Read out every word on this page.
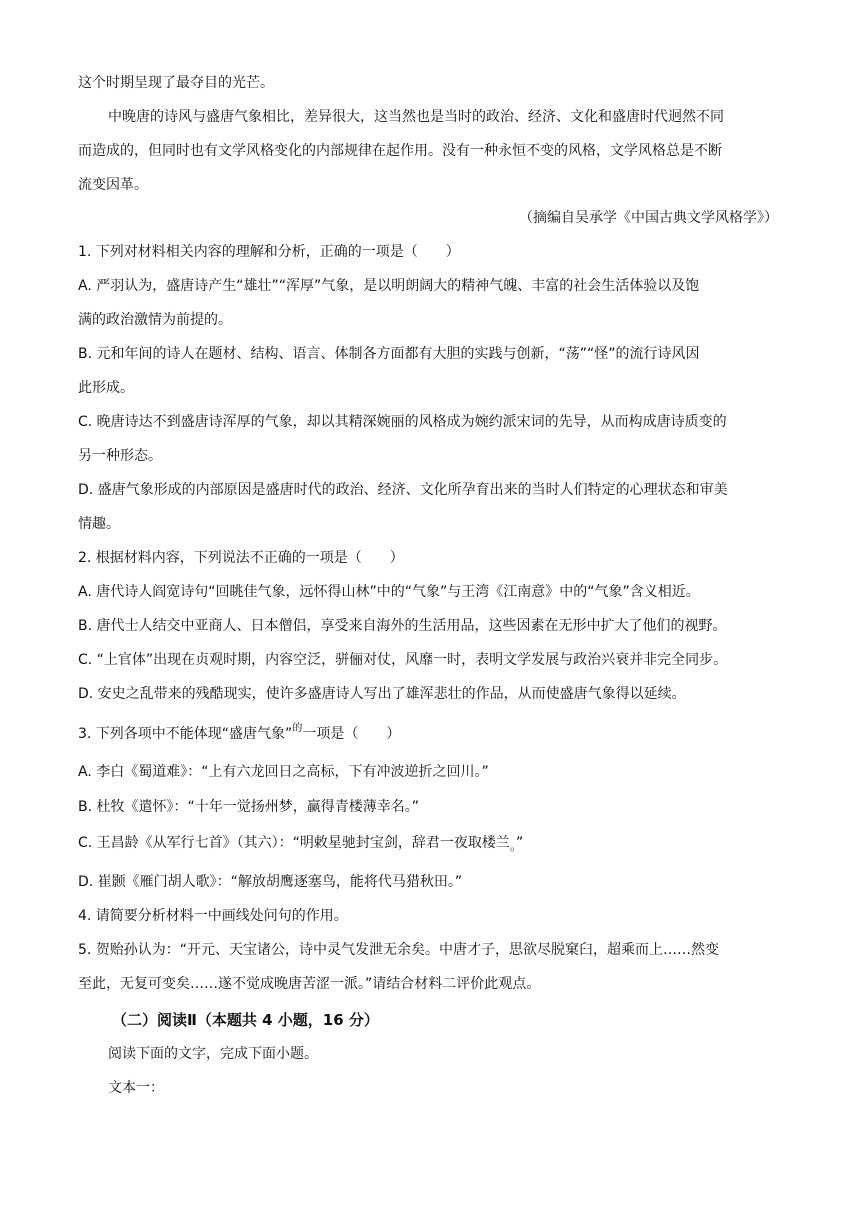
这个时期呈现了最夺目的光芒。
中晚唐的诗风与盛唐气象相比，差异很大，这当然也是当时的政治、经济、文化和盛唐时代迥然不同
而造成的，但同时也有文学风格变化的内部规律在起作用。没有一种永恒不变的风格，文学风格总是不断
流变因革。
（摘编自吴承学《中国古典文学风格学》）
1. 下列对材料相关内容的理解和分析，正确的一项是（　　）
A. 严羽认为，盛唐诗产生“雄壮”“浑厚”气象，是以明朗阔大的精神气魄、丰富的社会生活体验以及饱
满的政治激情为前提的。
B. 元和年间的诗人在题材、结构、语言、体制各方面都有大胆的实践与创新，“荡”“怪”的流行诗风因
此形成。
C. 晚唐诗达不到盛唐诗浑厚的气象，却以其精深婉丽的风格成为婉约派宋词的先导，从而构成唐诗质变的
另一种形态。
D. 盛唐气象形成的内部原因是盛唐时代的政治、经济、文化所孕育出来的当时人们特定的心理状态和审美
情趣。
2. 根据材料内容，下列说法不正确的一项是（　　）
A. 唐代诗人阎宽诗句“回眺佳气象，远怀得山林”中的“气象”与王湾《江南意》中的“气象”含义相近。
B. 唐代士人结交中亚商人、日本僧侣，享受来自海外的生活用品，这些因素在无形中扩大了他们的视野。
C. “上官体”出现在贞观时期，内容空泛，骈俪对仗，风靡一时，表明文学发展与政治兴衰并非完全同步。
D. 安史之乱带来的残酷现实，使许多盛唐诗人写出了雄浑悲壮的作品，从而使盛唐气象得以延续。
3. 下列各项中不能体现“盛唐气象”$^的$一项是（　　）
A. 李白《蜀道难》：“上有六龙回日之高标，下有冲波逆折之回川。”
B. 杜牧《遣怀》：“十年一觉扬州梦，赢得青楼薄幸名。”
C. 王昌龄《从军行七首》（其六）：“明敕星驰封宝剑，辞君一夜取楼兰。”
D. 崔颢《雁门胡人歌》：“解放胡鹰逐塞鸟，能将代马猎秋田。”
4. 请简要分析材料一中画线处问句的作用。
5. 贺贻孙认为：“开元、天宝诸公，诗中灵气发泄无余矣。中唐才子，思欲尽脱窠臼，超乘而上……然变
至此，无复可变矣……遂不觉成晚唐苦涩一派。”请结合材料二评价此观点。
（二）阅读Ⅱ（本题共 4 小题，16 分）
阅读下面的文字，完成下面小题。
文本一：
